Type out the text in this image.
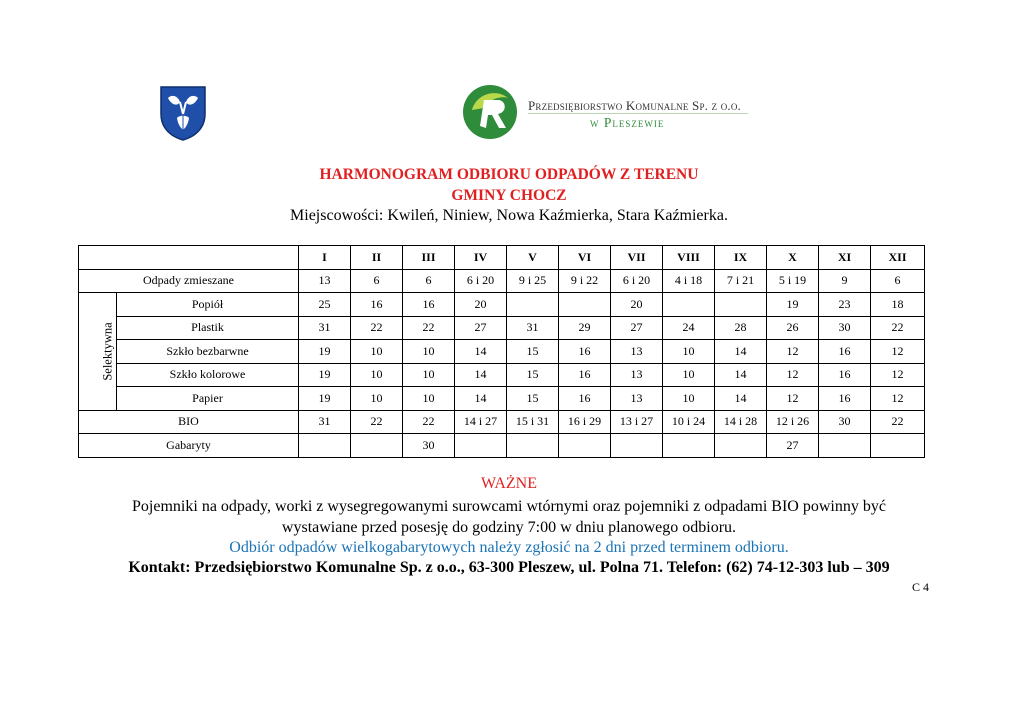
Przedsiębiorstwo Komunalne Sp. z o.o.
w Pleszewie
HARMONOGRAM ODBIORU ODPADÓW Z TERENU
GMINY CHOCZ
Miejscowości: Kwileń, Niniew, Nowa Kaźmierka, Stara Kaźmierka.
		I	II	III	IV	V	VI	VII	VIII	IX	X	XI	XII
Odpady zmieszane		13	6	6	6 i 20	9 i 25	9 i 22	6 i 20	4 i 18	7 i 21	5 i 19	9	6
Selektywna	Popiół	25	16	16	20			20			19	23	18
	Plastik	31	22	22	27	31	29	27	24	28	26	30	22
	Szkło bezbarwne	19	10	10	14	15	16	13	10	14	12	16	12
	Szkło kolorowe	19	10	10	14	15	16	13	10	14	12	16	12
	Papier	19	10	10	14	15	16	13	10	14	12	16	12
BIO		31	22	22	14 i 27	15 i 31	16 i 29	13 i 27	10 i 24	14 i 28	12 i 26	30	22
Gabaryty				30							27		
WAŻNE
Pojemniki na odpady, worki z wysegregowanymi surowcami wtórnymi oraz pojemniki z odpadami BIO powinny być wystawiane przed posesję do godziny 7:00 w dniu planowego odbioru.
Odbiór odpadów wielkogabarytowych należy zgłosić na 2 dni przed terminem odbioru.
Kontakt: Przedsiębiorstwo Komunalne Sp. z o.o., 63-300 Pleszew, ul. Polna 71. Telefon: (62) 74-12-303 lub – 309
C 4
